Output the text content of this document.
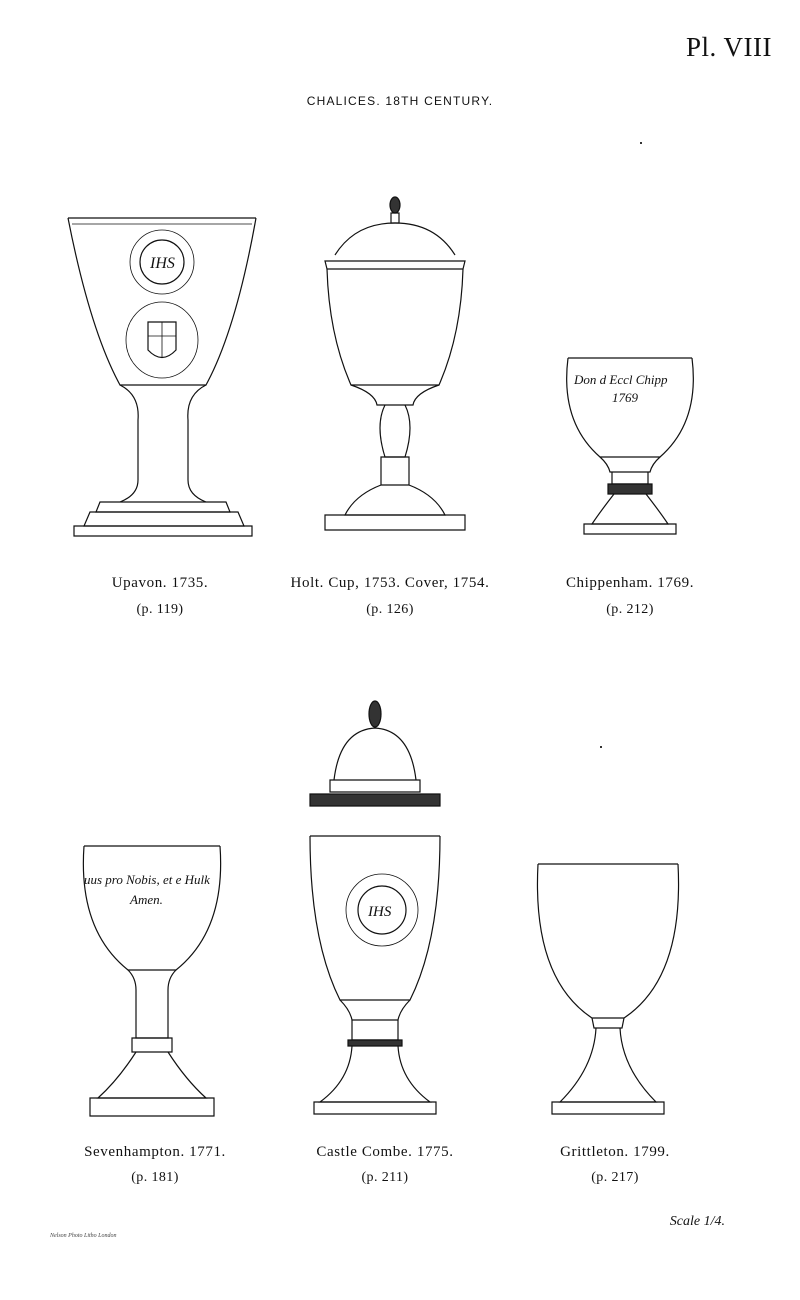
Pl. VIII
CHALICES. 18TH CENTURY.
IHS
Upavon. 1735.
(p. 119)
Holt. Cup, 1753. Cover, 1754.
(p. 126)
Don d Eccl Chipp
1769
Chippenham. 1769.
(p. 212)
uus pro Nobis, et e Hulk
Amen.
Sevenhampton. 1771.
(p. 181)
IHS
Castle Combe. 1775.
(p. 211)
Grittleton. 1799.
(p. 217)
Scale 1/4.
Nelson Photo Litho London
